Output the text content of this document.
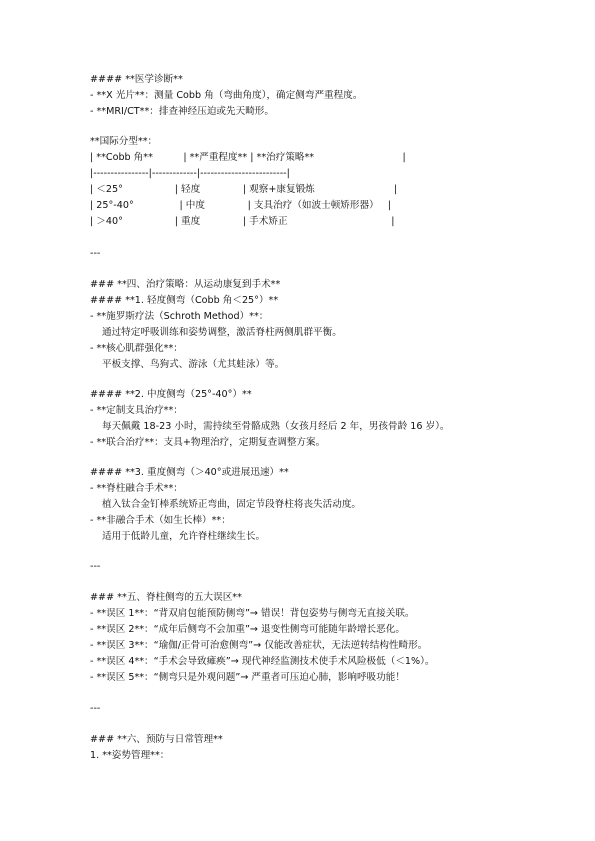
#### **医学诊断**
- **X 光片**：测量 Cobb 角（弯曲角度），确定侧弯严重程度。
- **MRI/CT**：排查神经压迫或先天畸形。
**国际分型**：
| **Cobb 角**          | **严重程度** | **治疗策略**                             |
|----------------|-------------|-------------------------|
| ＜25°                 | 轻度              | 观察+康复锻炼                          |
| 25°-40°               | 中度              | 支具治疗（如波士顿矫形器）   |
| ＞40°                 | 重度              | 手术矫正                                  |
---
### **四、治疗策略：从运动康复到手术**
#### **1. 轻度侧弯（Cobb 角＜25°）**
- **施罗斯疗法（Schroth Method）**：
通过特定呼吸训练和姿势调整，激活脊柱两侧肌群平衡。
- **核心肌群强化**：
平板支撑、鸟狗式、游泳（尤其蛙泳）等。
#### **2. 中度侧弯（25°-40°）**
- **定制支具治疗**：
每天佩戴 18-23 小时，需持续至骨骼成熟（女孩月经后 2 年，男孩骨龄 16 岁）。
- **联合治疗**：支具+物理治疗，定期复查调整方案。
#### **3. 重度侧弯（＞40°或进展迅速）**
- **脊柱融合手术**：
植入钛合金钉棒系统矫正弯曲，固定节段脊柱将丧失活动度。
- **非融合手术（如生长棒）**：
适用于低龄儿童，允许脊柱继续生长。
---
### **五、脊柱侧弯的五大误区**
- **误区 1**：“背双肩包能预防侧弯”→ 错误！背包姿势与侧弯无直接关联。
- **误区 2**：“成年后侧弯不会加重”→ 退变性侧弯可能随年龄增长恶化。
- **误区 3**：“瑜伽/正骨可治愈侧弯”→ 仅能改善症状，无法逆转结构性畸形。
- **误区 4**：“手术会导致瘫痪”→ 现代神经监测技术使手术风险极低（＜1%）。
- **误区 5**：“侧弯只是外观问题”→ 严重者可压迫心肺，影响呼吸功能！
---
### **六、预防与日常管理**
1. **姿势管理**：
